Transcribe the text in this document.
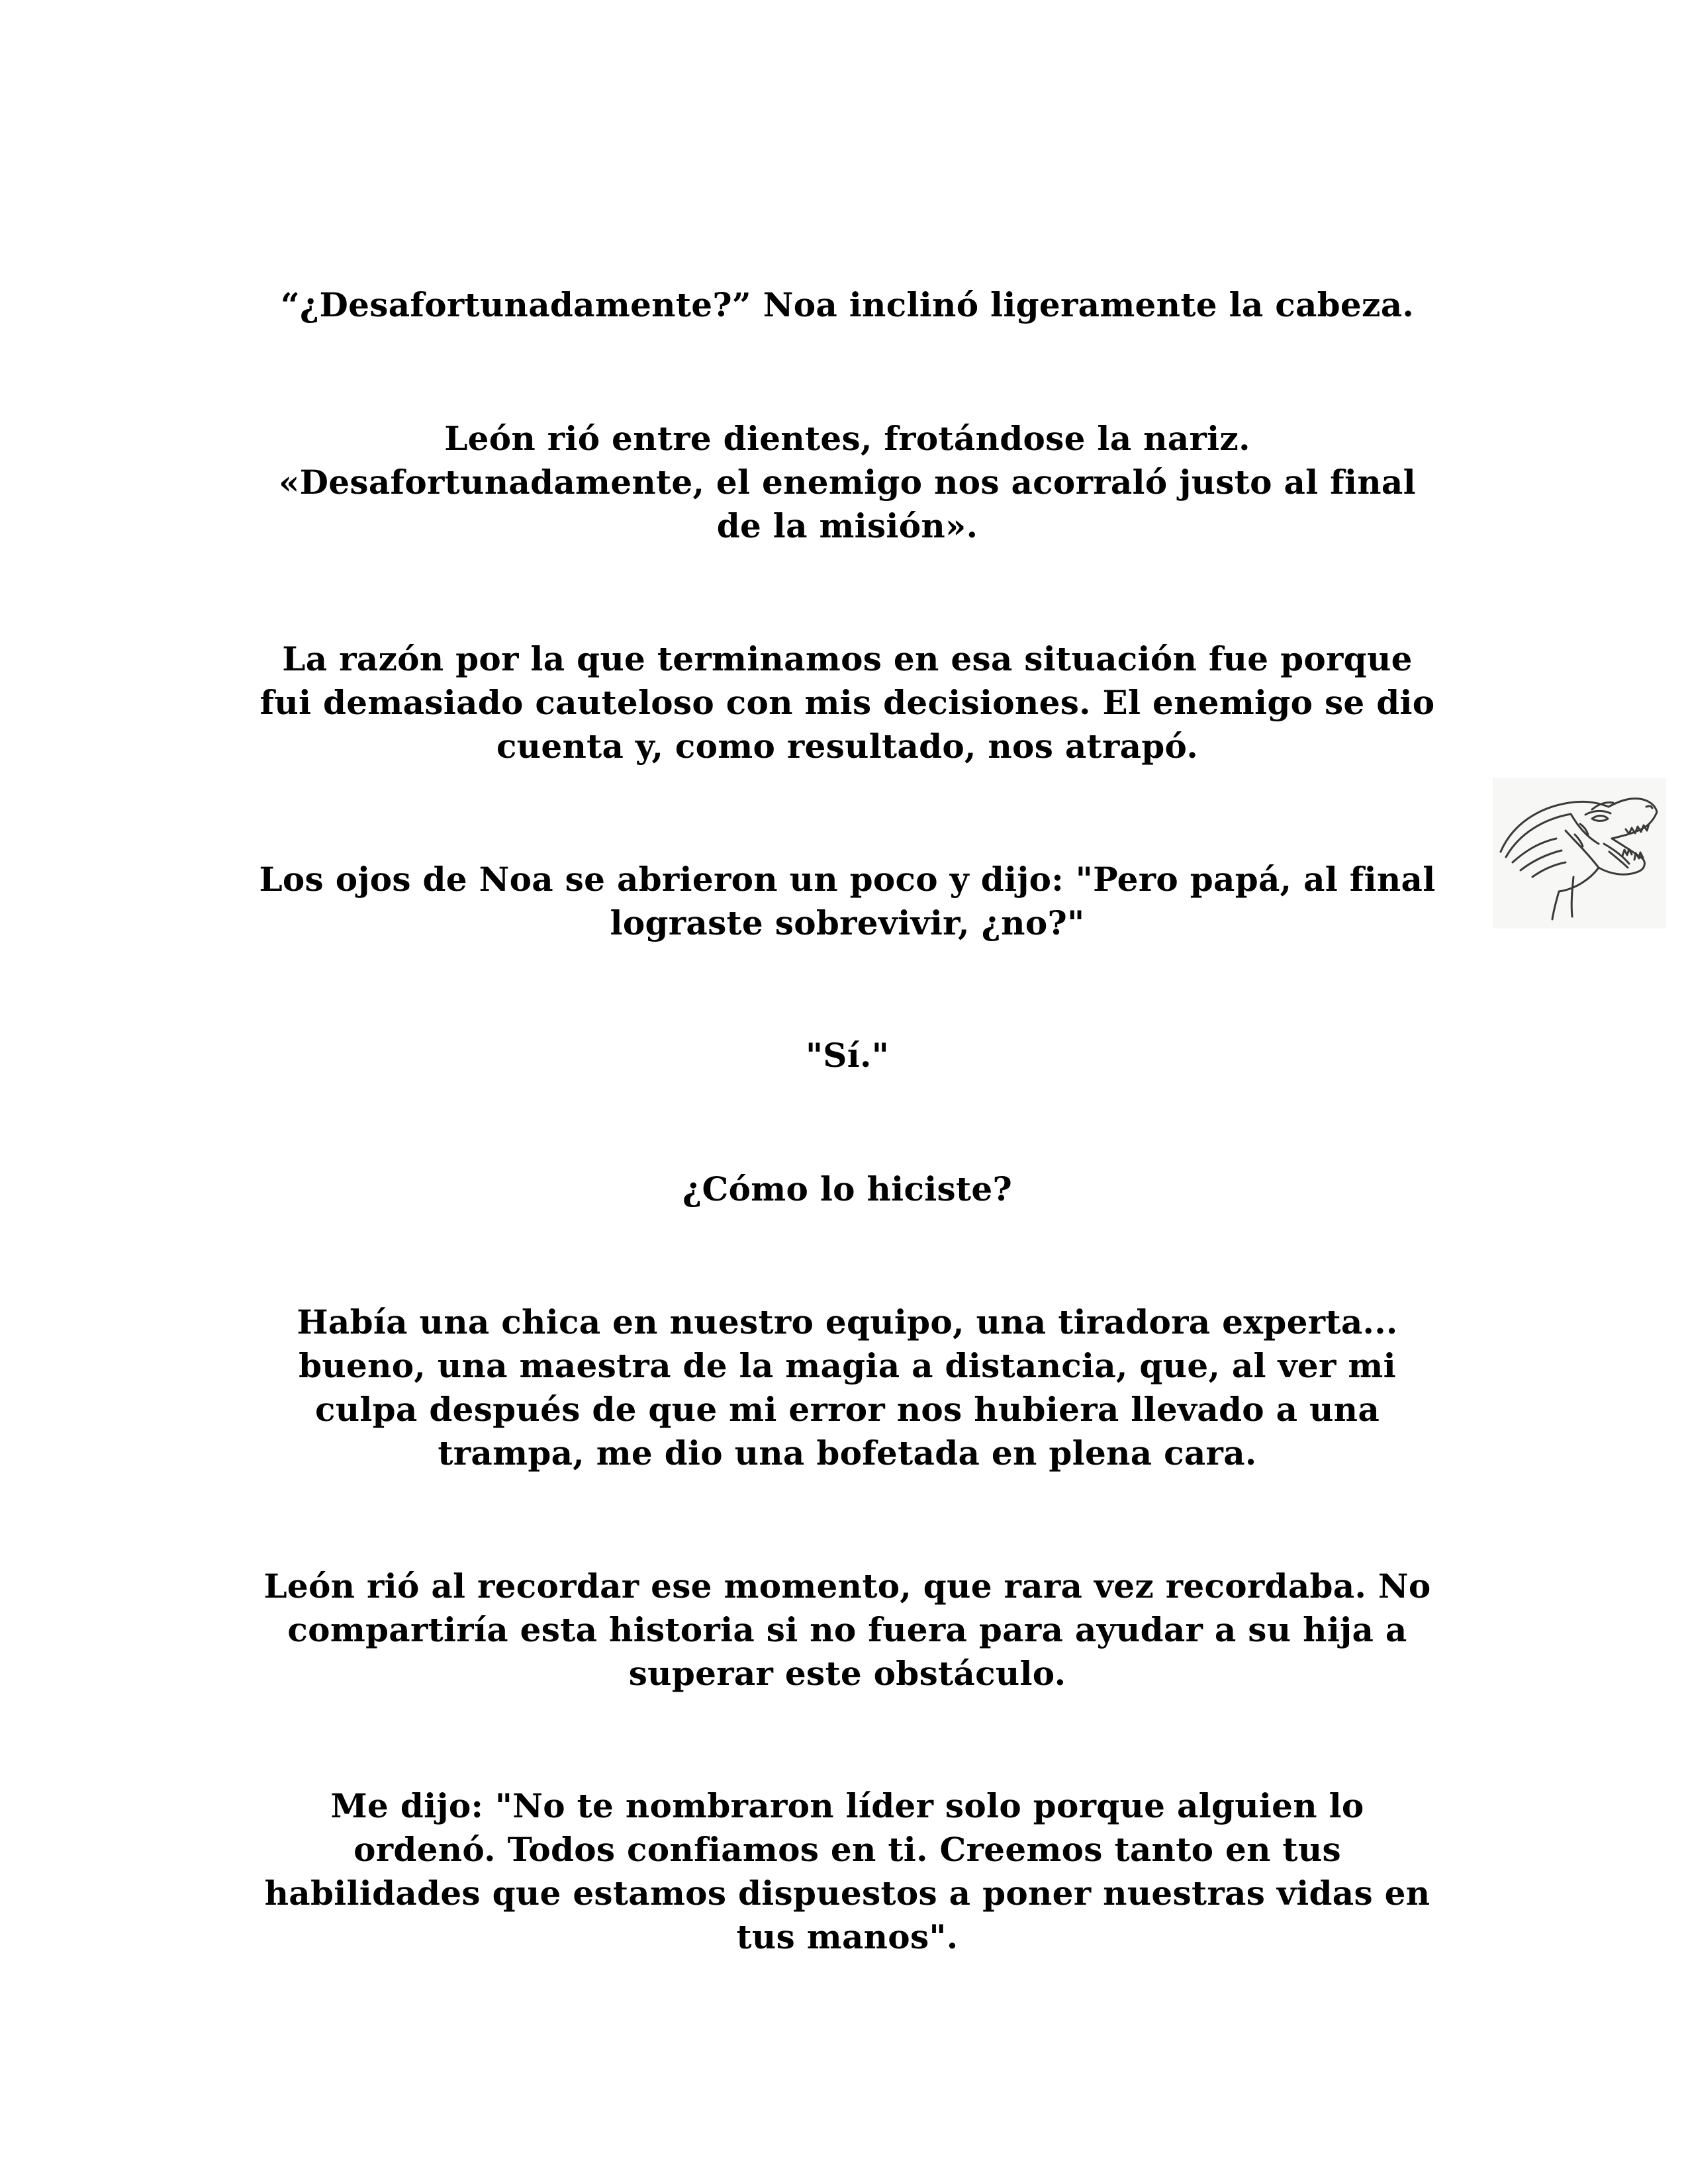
“¿Desafortunadamente?” Noa inclinó ligeramente la cabeza.

León rió entre dientes, frotándose la nariz.
«Desafortunadamente, el enemigo nos acorraló justo al final
de la misión».

La razón por la que terminamos en esa situación fue porque
fui demasiado cauteloso con mis decisiones. El enemigo se dio
cuenta y, como resultado, nos atrapó.

Los ojos de Noa se abrieron un poco y dijo: "Pero papá, al final
lograste sobrevivir, ¿no?"

"Sí."

¿Cómo lo hiciste?

Había una chica en nuestro equipo, una tiradora experta...
bueno, una maestra de la magia a distancia, que, al ver mi
culpa después de que mi error nos hubiera llevado a una
trampa, me dio una bofetada en plena cara.

León rió al recordar ese momento, que rara vez recordaba. No
compartiría esta historia si no fuera para ayudar a su hija a
superar este obstáculo.

Me dijo: "No te nombraron líder solo porque alguien lo
ordenó. Todos confiamos en ti. Creemos tanto en tus
habilidades que estamos dispuestos a poner nuestras vidas en
tus manos".
